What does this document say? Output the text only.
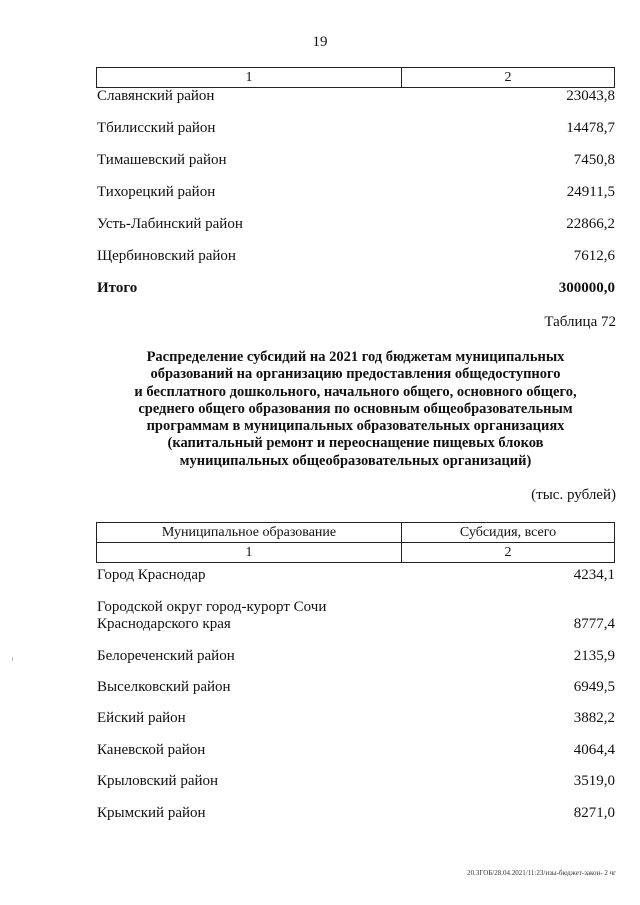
19
1	2
Славянский район	23043,8
Тбилисский район	14478,7
Тимашевский район	7450,8
Тихорецкий район	24911,5
Усть-Лабинский район	22866,2
Щербиновский район	7612,6
Итого	300000,0
Таблица 72
Распределение субсидий на 2021 год бюджетам муниципальных
образований на организацию предоставления общедоступного
и бесплатного дошкольного, начального общего, основного общего,
среднего общего образования по основным общеобразовательным
программам в муниципальных образовательных организациях
(капитальный ремонт и переоснащение пищевых блоков
муниципальных общеобразовательных организаций)
(тыс. рублей)
Муниципальное образование	Субсидия, всего
1	2
Город Краснодар	4234,1
Городской округ город-курорт Сочи
Краснодарского края	8777,4
Белореченский район	2135,9
Выселковский район	6949,5
Ейский район	3882,2
Каневской район	4064,4
Крыловский район	3519,0
Крымский район	8271,0
20.3ГОБ/28.04.2021/11:23/изы-бюджет-закон- 2 чг
